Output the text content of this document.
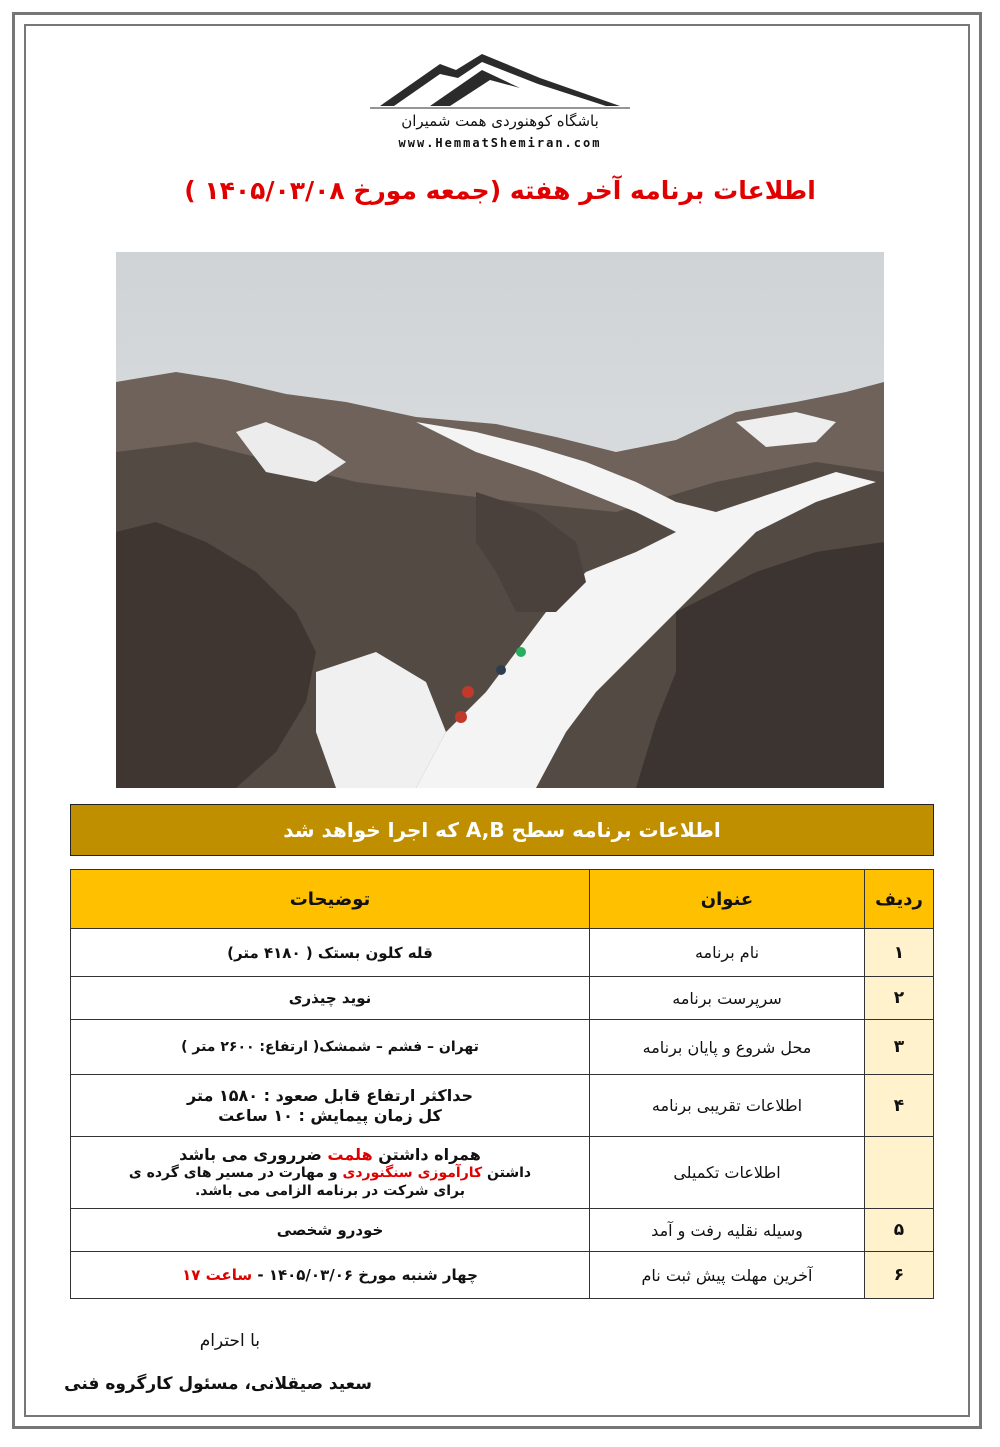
باشگاه کوهنوردی همت شمیران
www.HemmatShemiran.com
اطلاعات برنامه آخر هفته (جمعه مورخ ۱۴۰۵/۰۳/۰۸ )
اطلاعات برنامه سطح A,B که اجرا خواهد شد
ردیف	عنوان	توضیحات
۱	نام برنامه	قله کلون بستک ( ۴۱۸۰ متر)
۲	سرپرست برنامه	نوید چیذری
۳	محل شروع و پایان برنامه	تهران – فشم – شمشک( ارتفاع: ۲۶۰۰ متر )
۴	اطلاعات تقریبی برنامه	حداکثر ارتفاع قابل صعود : ۱۵۸۰ متر
کل زمان پیمایش : ۱۰ ساعت

	اطلاعات تکمیلی	همراه داشتن هلمت ضرروری می باشد
داشتن کارآموزی سنگنوردی و مهارت در مسیر های گرده ی
برای شرکت در برنامه الزامی می باشد.

۵	وسیله نقلیه رفت و آمد	خودرو شخصی
۶	آخرین مهلت پیش ثبت نام	چهار شنبه مورخ ۱۴۰۵/۰۳/۰۶ - ساعت ۱۷
با احترام
سعید صیقلانی، مسئول کارگروه فنی
